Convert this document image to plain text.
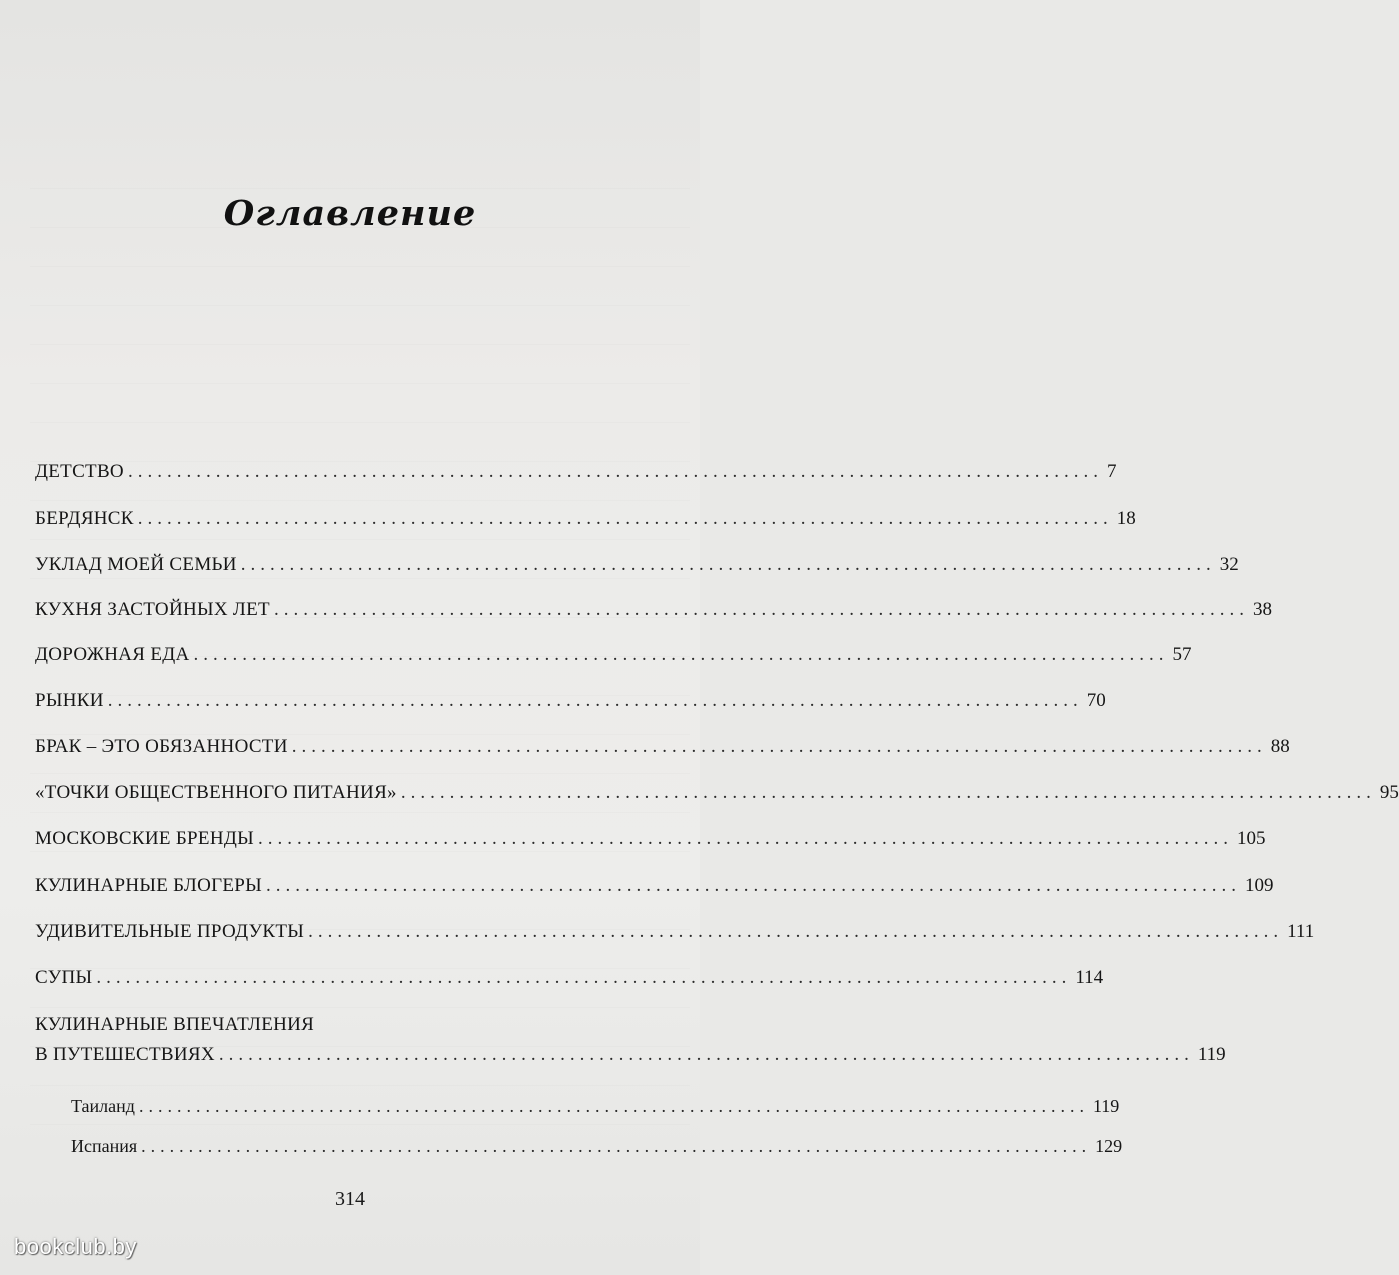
Оглавление
ДЕТСТВО .................................................................................................... 7
БЕРДЯНСК .................................................................................................... 18
УКЛАД МОЕЙ СЕМЬИ .................................................................................................... 32
КУХНЯ ЗАСТОЙНЫХ ЛЕТ .................................................................................................... 38
ДОРОЖНАЯ ЕДА .................................................................................................... 57
РЫНКИ .................................................................................................... 70
БРАК – ЭТО ОБЯЗАННОСТИ .................................................................................................... 88
«ТОЧКИ ОБЩЕСТВЕННОГО ПИТАНИЯ» .................................................................................................... 95
МОСКОВСКИЕ БРЕНДЫ .................................................................................................... 105
КУЛИНАРНЫЕ БЛОГЕРЫ .................................................................................................... 109
УДИВИТЕЛЬНЫЕ ПРОДУКТЫ .................................................................................................... 111
СУПЫ .................................................................................................... 114
КУЛИНАРНЫЕ ВПЕЧАТЛЕНИЯ
В ПУТЕШЕСТВИЯХ .................................................................................................... 119
Таиланд .................................................................................................... 119
Испания .................................................................................................... 129
314
bookclub.by
